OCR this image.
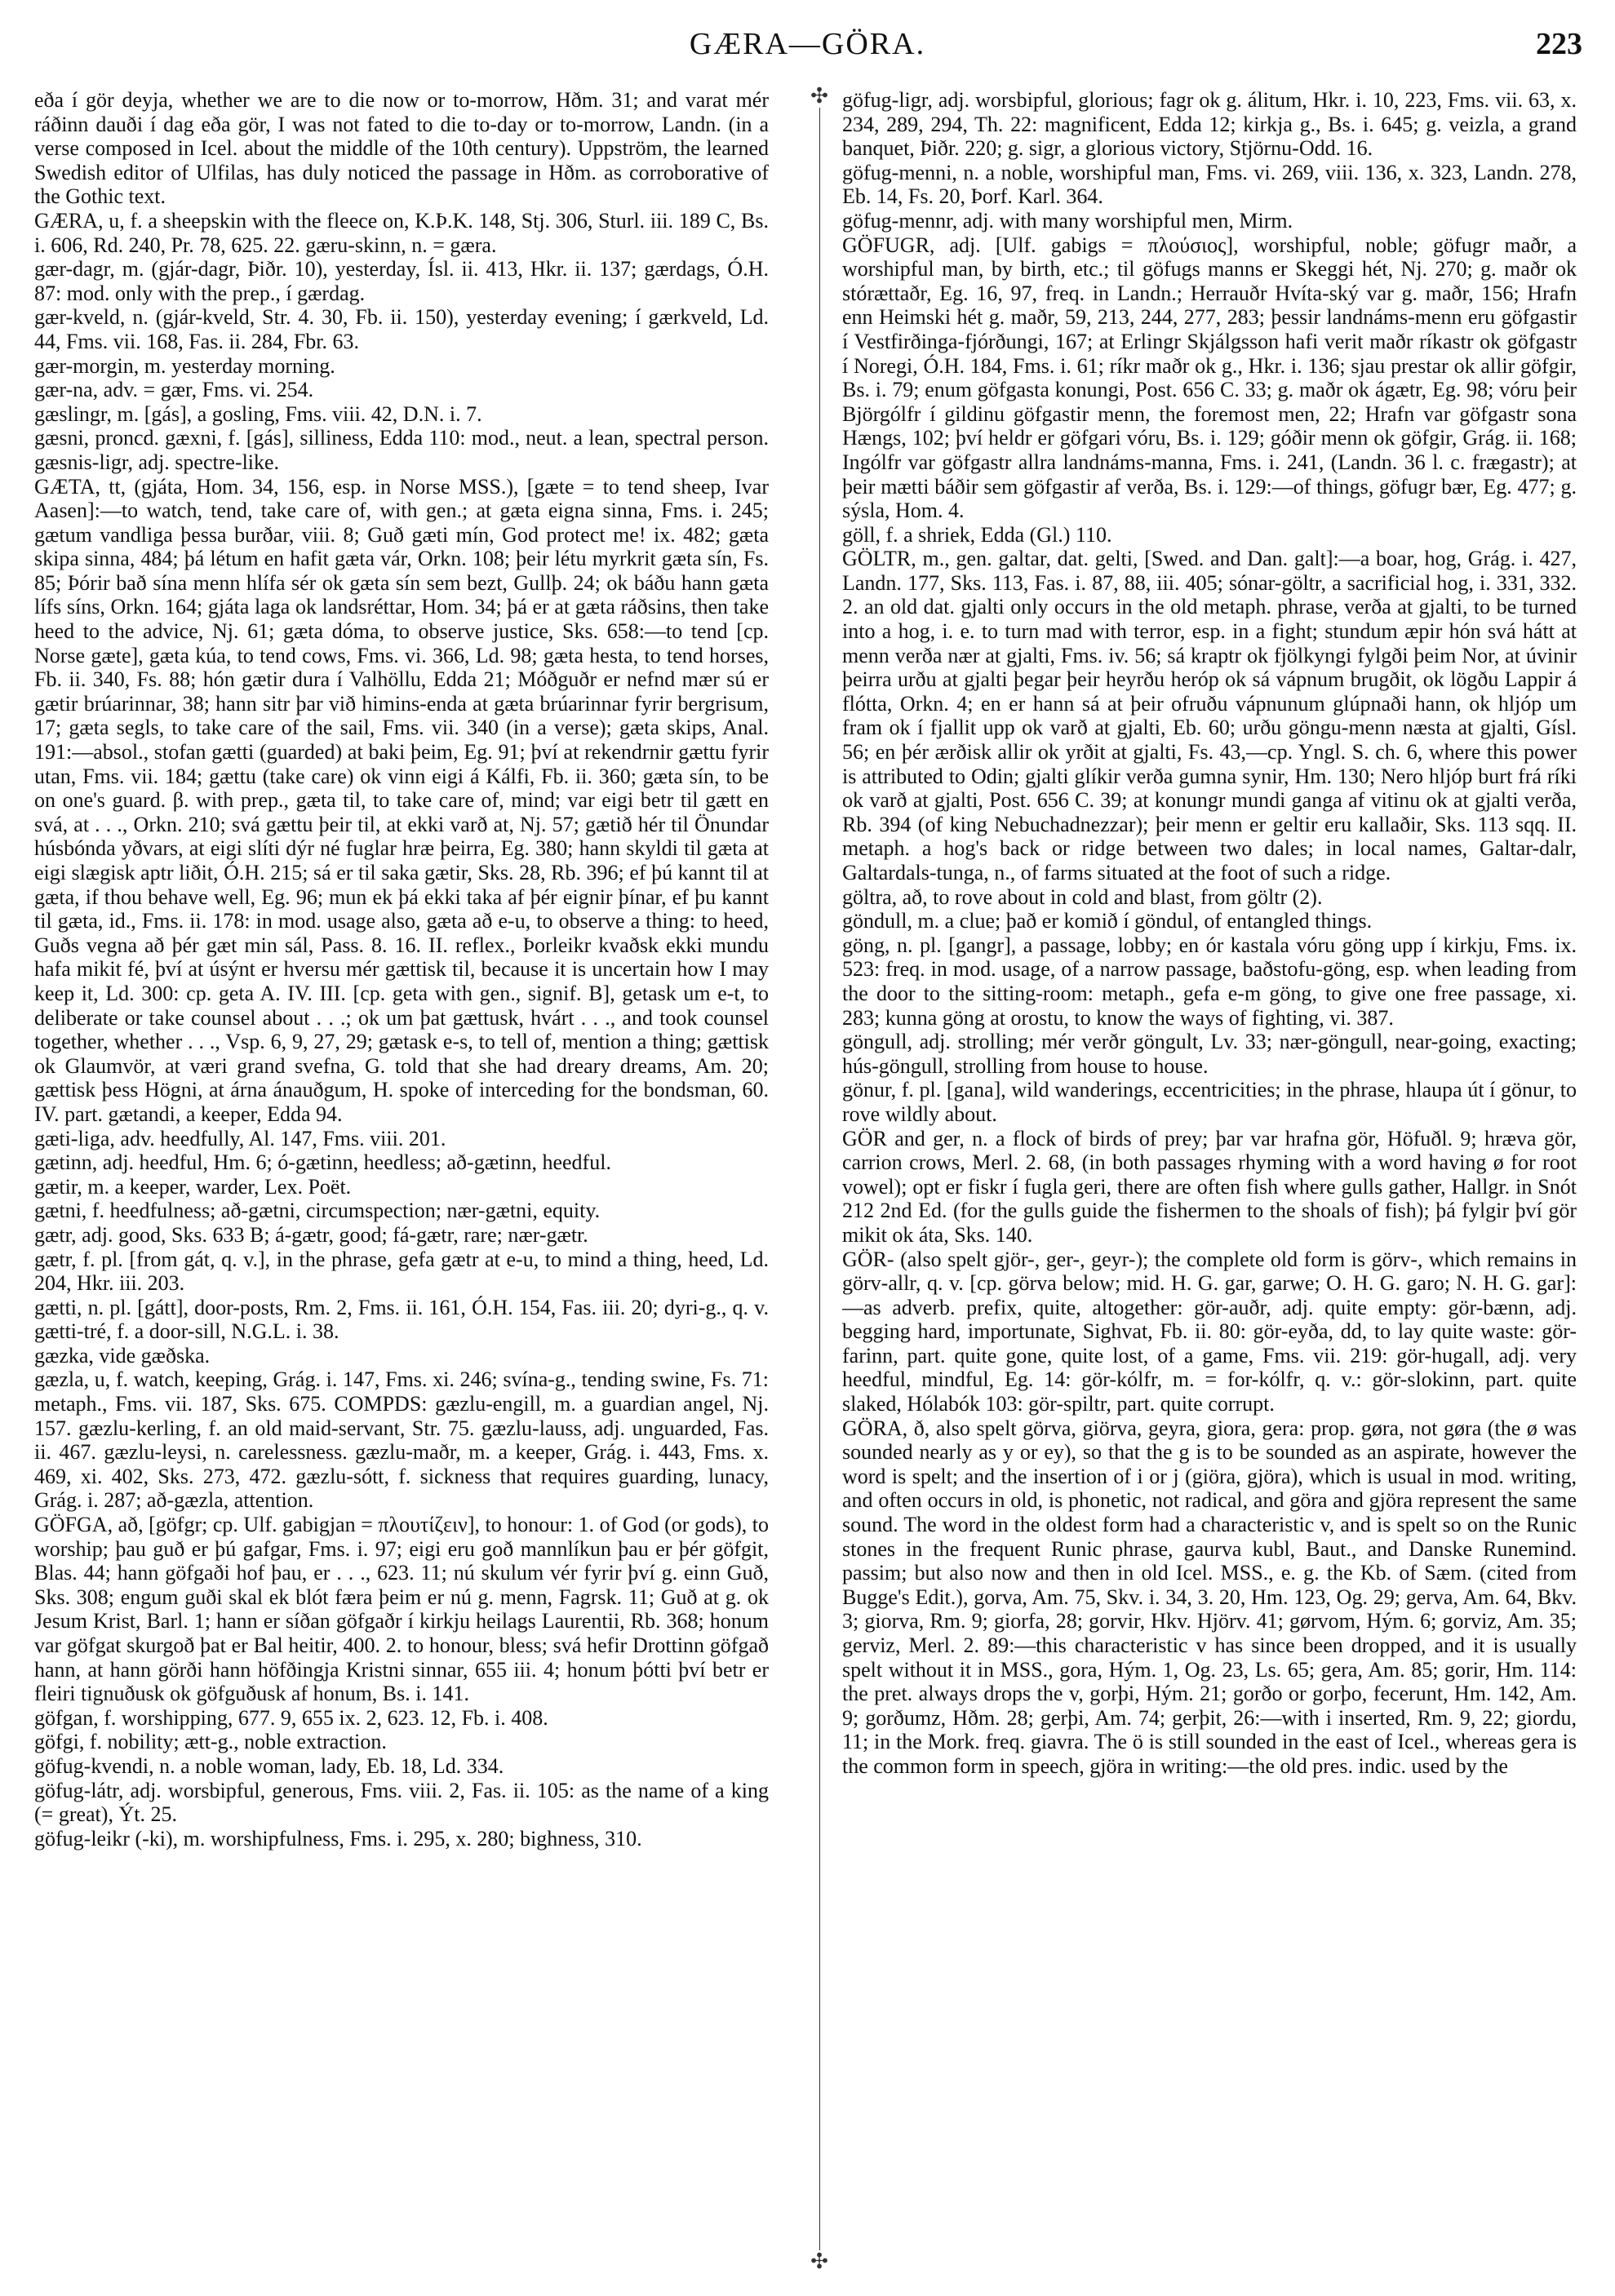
GÆRA—GÖRA.	223

eða í gör deyja, whether we are to die now or to-morrow, Hðm. 31; and varat mér ráðinn dauði í dag eða gör, I was not fated to die to-day or to-morrow, Landn. (in a verse composed in Icel. about the middle of the 10th century). Uppström, the learned Swedish editor of Ulfilas, has duly noticed the passage in Hðm. as corroborative of the Gothic text.

GÆRA, u, f. a sheepskin with the fleece on, K.Þ.K. 148, Stj. 306, Sturl. iii. 189 C, Bs. i. 606, Rd. 240, Pr. 78, 625. 22. gæru-skinn, n. = gæra.

gær-dagr, m. (gjár-dagr, Þiðr. 10), yesterday, Ísl. ii. 413, Hkr. ii. 137; gærdags, Ó.H. 87: mod. only with the prep., í gærdag.

gær-kveld, n. (gjár-kveld, Str. 4. 30, Fb. ii. 150), yesterday evening; í gærkveld, Ld. 44, Fms. vii. 168, Fas. ii. 284, Fbr. 63.

gær-morgin, m. yesterday morning.

gær-na, adv. = gær, Fms. vi. 254.

gæslingr, m. [gás], a gosling, Fms. viii. 42, D.N. i. 7.

gæsni, proncd. gæxni, f. [gás], silliness, Edda 110: mod., neut. a lean, spectral person. gæsnis-ligr, adj. spectre-like.

GÆTA, tt, (gjáta, Hom. 34, 156, esp. in Norse MSS.), [gæte = to tend sheep, Ivar Aasen]:—to watch, tend, take care of, with gen.; at gæta eigna sinna, Fms. i. 245; gætum vandliga þessa burðar, viii. 8; Guð gæti mín, God protect me! ix. 482; gæta skipa sinna, 484; þá létum en hafit gæta vár, Orkn. 108; þeir létu myrkrit gæta sín, Fs. 85; Þórir bað sína menn hlífa sér ok gæta sín sem bezt, Gullþ. 24; ok báðu hann gæta lífs síns, Orkn. 164; gjáta laga ok landsréttar, Hom. 34; þá er at gæta ráðsins, then take heed to the advice, Nj. 61; gæta dóma, to observe justice, Sks. 658:—to tend [cp. Norse gæte], gæta kúa, to tend cows, Fms. vi. 366, Ld. 98; gæta hesta, to tend horses, Fb. ii. 340, Fs. 88; hón gætir dura í Valhöllu, Edda 21; Móðguðr er nefnd mær sú er gætir brúarinnar, 38; hann sitr þar við himins-enda at gæta brúarinnar fyrir bergrisum, 17; gæta segls, to take care of the sail, Fms. vii. 340 (in a verse); gæta skips, Anal. 191:—absol., stofan gætti (guarded) at baki þeim, Eg. 91; því at rekendrnir gættu fyrir utan, Fms. vii. 184; gættu (take care) ok vinn eigi á Kálfi, Fb. ii. 360; gæta sín, to be on one's guard. β. with prep., gæta til, to take care of, mind; var eigi betr til gætt en svá, at . . ., Orkn. 210; svá gættu þeir til, at ekki varð at, Nj. 57; gætið hér til Önundar húsbónda yðvars, at eigi slíti dýr né fuglar hræ þeirra, Eg. 380; hann skyldi til gæta at eigi slægisk aptr liðit, Ó.H. 215; sá er til saka gætir, Sks. 28, Rb. 396; ef þú kannt til at gæta, if thou behave well, Eg. 96; mun ek þá ekki taka af þér eignir þínar, ef þu kannt til gæta, id., Fms. ii. 178: in mod. usage also, gæta að e-u, to observe a thing: to heed, Guðs vegna að þér gæt min sál, Pass. 8. 16. II. reflex., Þorleikr kvaðsk ekki mundu hafa mikit fé, því at úsýnt er hversu mér gættisk til, because it is uncertain how I may keep it, Ld. 300: cp. geta A. IV. III. [cp. geta with gen., signif. B], getask um e-t, to deliberate or take counsel about . . .; ok um þat gættusk, hvárt . . ., and took counsel together, whether . . ., Vsp. 6, 9, 27, 29; gætask e-s, to tell of, mention a thing; gættisk ok Glaumvör, at væri grand svefna, G. told that she had dreary dreams, Am. 20; gættisk þess Högni, at árna ánauðgum, H. spoke of interceding for the bondsman, 60. IV. part. gætandi, a keeper, Edda 94.

gæti-liga, adv. heedfully, Al. 147, Fms. viii. 201.

gætinn, adj. heedful, Hm. 6; ó-gætinn, heedless; að-gætinn, heedful.

gætir, m. a keeper, warder, Lex. Poët.

gætni, f. heedfulness; að-gætni, circumspection; nær-gætni, equity.

gætr, adj. good, Sks. 633 B; á-gætr, good; fá-gætr, rare; nær-gætr.

gætr, f. pl. [from gát, q. v.], in the phrase, gefa gætr at e-u, to mind a thing, heed, Ld. 204, Hkr. iii. 203.

gætti, n. pl. [gátt], door-posts, Rm. 2, Fms. ii. 161, Ó.H. 154, Fas. iii. 20; dyri-g., q. v. gætti-tré, f. a door-sill, N.G.L. i. 38.

gæzka, vide gæðska.

gæzla, u, f. watch, keeping, Grág. i. 147, Fms. xi. 246; svína-g., tending swine, Fs. 71: metaph., Fms. vii. 187, Sks. 675. COMPDS: gæzlu-engill, m. a guardian angel, Nj. 157. gæzlu-kerling, f. an old maid-servant, Str. 75. gæzlu-lauss, adj. unguarded, Fas. ii. 467. gæzlu-leysi, n. carelessness. gæzlu-maðr, m. a keeper, Grág. i. 443, Fms. x. 469, xi. 402, Sks. 273, 472. gæzlu-sótt, f. sickness that requires guarding, lunacy, Grág. i. 287; að-gæzla, attention.

GÖFGA, að, [göfgr; cp. Ulf. gabigjan = πλουτίζειν], to honour: 1. of God (or gods), to worship; þau guð er þú gafgar, Fms. i. 97; eigi eru goð mannlíkun þau er þér göfgit, Blas. 44; hann göfgaði hof þau, er . . ., 623. 11; nú skulum vér fyrir því g. einn Guð, Sks. 308; engum guði skal ek blót færa þeim er nú g. menn, Fagrsk. 11; Guð at g. ok Jesum Krist, Barl. 1; hann er síðan göfgaðr í kirkju heilags Laurentii, Rb. 368; honum var göfgat skurgoð þat er Bal heitir, 400. 2. to honour, bless; svá hefir Drottinn göfgað hann, at hann görði hann höfðingja Kristni sinnar, 655 iii. 4; honum þótti því betr er fleiri tignuðusk ok göfguðusk af honum, Bs. i. 141.

göfgan, f. worshipping, 677. 9, 655 ix. 2, 623. 12, Fb. i. 408.

göfgi, f. nobility; ætt-g., noble extraction.

göfug-kvendi, n. a noble woman, lady, Eb. 18, Ld. 334.

göfug-látr, adj. worsbipful, generous, Fms. viii. 2, Fas. ii. 105: as the name of a king (= great), Ýt. 25.

göfug-leikr (-ki), m. worshipfulness, Fms. i. 295, x. 280; bighness, 310.

✣
✣

göfug-ligr, adj. worsbipful, glorious; fagr ok g. álitum, Hkr. i. 10, 223, Fms. vii. 63, x. 234, 289, 294, Th. 22: magnificent, Edda 12; kirkja g., Bs. i. 645; g. veizla, a grand banquet, Þiðr. 220; g. sigr, a glorious victory, Stjörnu-Odd. 16.

göfug-menni, n. a noble, worshipful man, Fms. vi. 269, viii. 136, x. 323, Landn. 278, Eb. 14, Fs. 20, Þorf. Karl. 364.

göfug-mennr, adj. with many worshipful men, Mirm.

GÖFUGR, adj. [Ulf. gabigs = πλούσιος], worshipful, noble; göfugr maðr, a worshipful man, by birth, etc.; til göfugs manns er Skeggi hét, Nj. 270; g. maðr ok stórættaðr, Eg. 16, 97, freq. in Landn.; Herrauðr Hvíta-ský var g. maðr, 156; Hrafn enn Heimski hét g. maðr, 59, 213, 244, 277, 283; þessir landnáms-menn eru göfgastir í Vestfirðinga-fjórðungi, 167; at Erlingr Skjálgsson hafi verit maðr ríkastr ok göfgastr í Noregi, Ó.H. 184, Fms. i. 61; ríkr maðr ok g., Hkr. i. 136; sjau prestar ok allir göfgir, Bs. i. 79; enum göfgasta konungi, Post. 656 C. 33; g. maðr ok ágætr, Eg. 98; vóru þeir Björgólfr í gildinu göfgastir menn, the foremost men, 22; Hrafn var göfgastr sona Hængs, 102; því heldr er göfgari vóru, Bs. i. 129; góðir menn ok göfgir, Grág. ii. 168; Ingólfr var göfgastr allra landnáms-manna, Fms. i. 241, (Landn. 36 l. c. frægastr); at þeir mætti báðir sem göfgastir af verða, Bs. i. 129:—of things, göfugr bær, Eg. 477; g. sýsla, Hom. 4.

göll, f. a shriek, Edda (Gl.) 110.

GÖLTR, m., gen. galtar, dat. gelti, [Swed. and Dan. galt]:—a boar, hog, Grág. i. 427, Landn. 177, Sks. 113, Fas. i. 87, 88, iii. 405; sónar-göltr, a sacrificial hog, i. 331, 332. 2. an old dat. gjalti only occurs in the old metaph. phrase, verða at gjalti, to be turned into a hog, i. e. to turn mad with terror, esp. in a fight; stundum æpir hón svá hátt at menn verða nær at gjalti, Fms. iv. 56; sá kraptr ok fjölkyngi fylgði þeim Nor, at úvinir þeirra urðu at gjalti þegar þeir heyrðu heróp ok sá vápnum brugðit, ok lögðu Lappir á flótta, Orkn. 4; en er hann sá at þeir ofruðu vápnunum glúpnaði hann, ok hljóp um fram ok í fjallit upp ok varð at gjalti, Eb. 60; urðu göngu-menn næsta at gjalti, Gísl. 56; en þér ærðisk allir ok yrðit at gjalti, Fs. 43,—cp. Yngl. S. ch. 6, where this power is attributed to Odin; gjalti glíkir verða gumna synir, Hm. 130; Nero hljóp burt frá ríki ok varð at gjalti, Post. 656 C. 39; at konungr mundi ganga af vitinu ok at gjalti verða, Rb. 394 (of king Nebuchadnezzar); þeir menn er geltir eru kallaðir, Sks. 113 sqq. II. metaph. a hog's back or ridge between two dales; in local names, Galtar-dalr, Galtardals-tunga, n., of farms situated at the foot of such a ridge.

göltra, að, to rove about in cold and blast, from göltr (2).

göndull, m. a clue; það er komið í göndul, of entangled things.

göng, n. pl. [gangr], a passage, lobby; en ór kastala vóru göng upp í kirkju, Fms. ix. 523: freq. in mod. usage, of a narrow passage, baðstofu-göng, esp. when leading from the door to the sitting-room: metaph., gefa e-m göng, to give one free passage, xi. 283; kunna göng at orostu, to know the ways of fighting, vi. 387.

göngull, adj. strolling; mér verðr göngult, Lv. 33; nær-göngull, near-going, exacting; hús-göngull, strolling from house to house.

gönur, f. pl. [gana], wild wanderings, eccentricities; in the phrase, hlaupa út í gönur, to rove wildly about.

GÖR and ger, n. a flock of birds of prey; þar var hrafna gör, Höfuðl. 9; hræva gör, carrion crows, Merl. 2. 68, (in both passages rhyming with a word having ø for root vowel); opt er fiskr í fugla geri, there are often fish where gulls gather, Hallgr. in Snót 212 2nd Ed. (for the gulls guide the fishermen to the shoals of fish); þá fylgir því gör mikit ok áta, Sks. 140.

GÖR- (also spelt gjör-, ger-, geyr-); the complete old form is görv-, which remains in görv-allr, q. v. [cp. görva below; mid. H. G. gar, garwe; O. H. G. garo; N. H. G. gar]:—as adverb. prefix, quite, altogether: gör-auðr, adj. quite empty: gör-bænn, adj. begging hard, importunate, Sighvat, Fb. ii. 80: gör-eyða, dd, to lay quite waste: gör-farinn, part. quite gone, quite lost, of a game, Fms. vii. 219: gör-hugall, adj. very heedful, mindful, Eg. 14: gör-kólfr, m. = for-kólfr, q. v.: gör-slokinn, part. quite slaked, Hólabók 103: gör-spiltr, part. quite corrupt.

GÖRA, ð, also spelt görva, giörva, geyra, giora, gera: prop. gøra, not gøra (the ø was sounded nearly as y or ey), so that the g is to be sounded as an aspirate, however the word is spelt; and the insertion of i or j (giöra, gjöra), which is usual in mod. writing, and often occurs in old, is phonetic, not radical, and göra and gjöra represent the same sound. The word in the oldest form had a characteristic v, and is spelt so on the Runic stones in the frequent Runic phrase, gaurva kubl, Baut., and Danske Runemind. passim; but also now and then in old Icel. MSS., e. g. the Kb. of Sæm. (cited from Bugge's Edit.), gorva, Am. 75, Skv. i. 34, 3. 20, Hm. 123, Og. 29; gerva, Am. 64, Bkv. 3; giorva, Rm. 9; giorfa, 28; gorvir, Hkv. Hjörv. 41; gørvom, Hým. 6; gorviz, Am. 35; gerviz, Merl. 2. 89:—this characteristic v has since been dropped, and it is usually spelt without it in MSS., gora, Hým. 1, Og. 23, Ls. 65; gera, Am. 85; gorir, Hm. 114: the pret. always drops the v, gorþi, Hým. 21; gorðo or gorþo, fecerunt, Hm. 142, Am. 9; gorðumz, Hðm. 28; gerþi, Am. 74; gerþit, 26:—with i inserted, Rm. 9, 22; giordu, 11; in the Mork. freq. giavra. The ö is still sounded in the east of Icel., whereas gera is the common form in speech, gjöra in writing:—the old pres. indic. used by the
